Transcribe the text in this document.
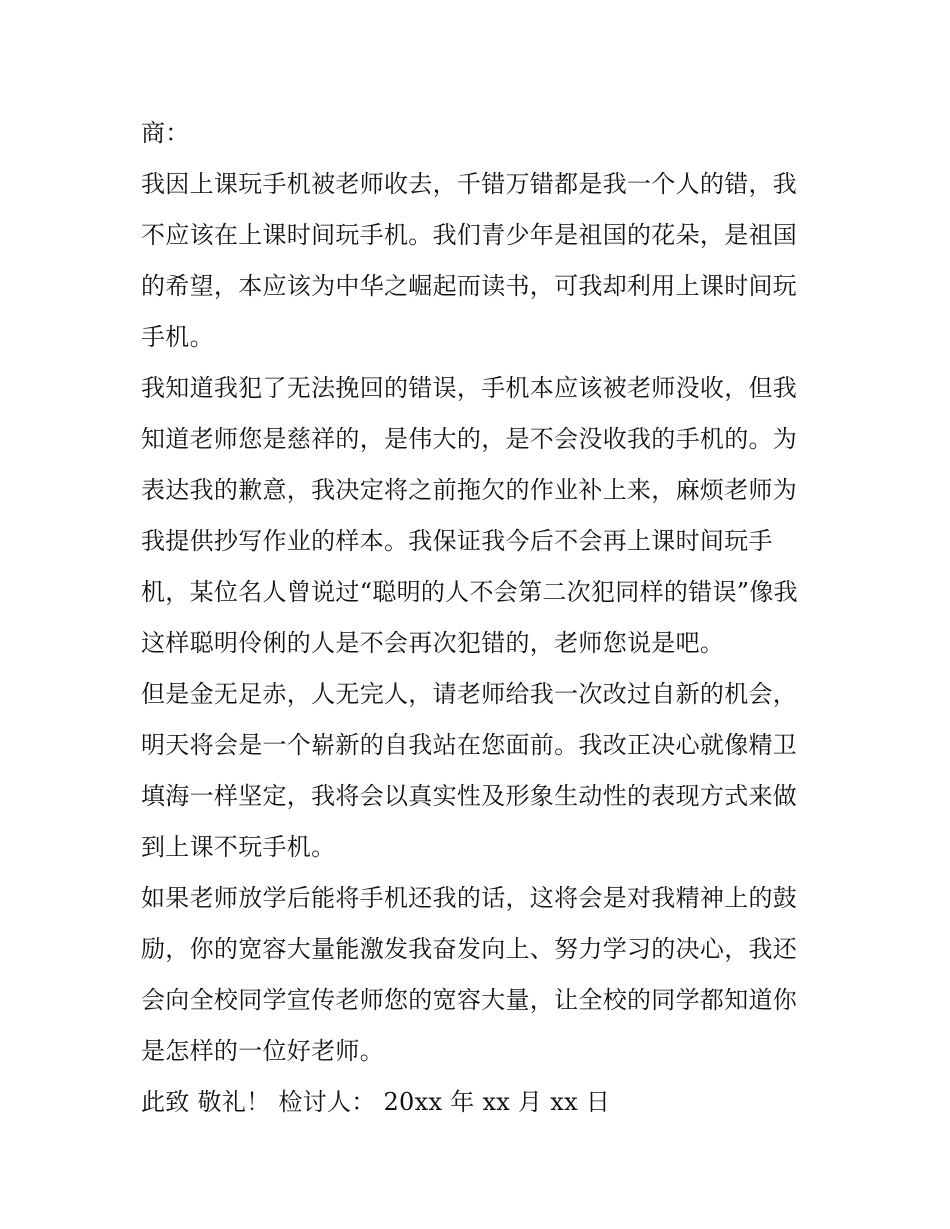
商：
我因上课玩手机被老师收去，千错万错都是我一个人的错，我
不应该在上课时间玩手机。我们青少年是祖国的花朵，是祖国
的希望，本应该为中华之崛起而读书，可我却利用上课时间玩
手机。
我知道我犯了无法挽回的错误，手机本应该被老师没收，但我
知道老师您是慈祥的，是伟大的，是不会没收我的手机的。为
表达我的歉意，我决定将之前拖欠的作业补上来，麻烦老师为
我提供抄写作业的样本。我保证我今后不会再上课时间玩手
机，某位名人曾说过“聪明的人不会第二次犯同样的错误”像我
这样聪明伶俐的人是不会再次犯错的，老师您说是吧。
但是金无足赤，人无完人，请老师给我一次改过自新的机会，
明天将会是一个崭新的自我站在您面前。我改正决心就像精卫
填海一样坚定，我将会以真实性及形象生动性的表现方式来做
到上课不玩手机。
如果老师放学后能将手机还我的话，这将会是对我精神上的鼓
励，你的宽容大量能激发我奋发向上、努力学习的决心，我还
会向全校同学宣传老师您的宽容大量，让全校的同学都知道你
是怎样的一位好老师。
此致 敬礼！ 检讨人： 20xx 年 xx 月 xx 日
